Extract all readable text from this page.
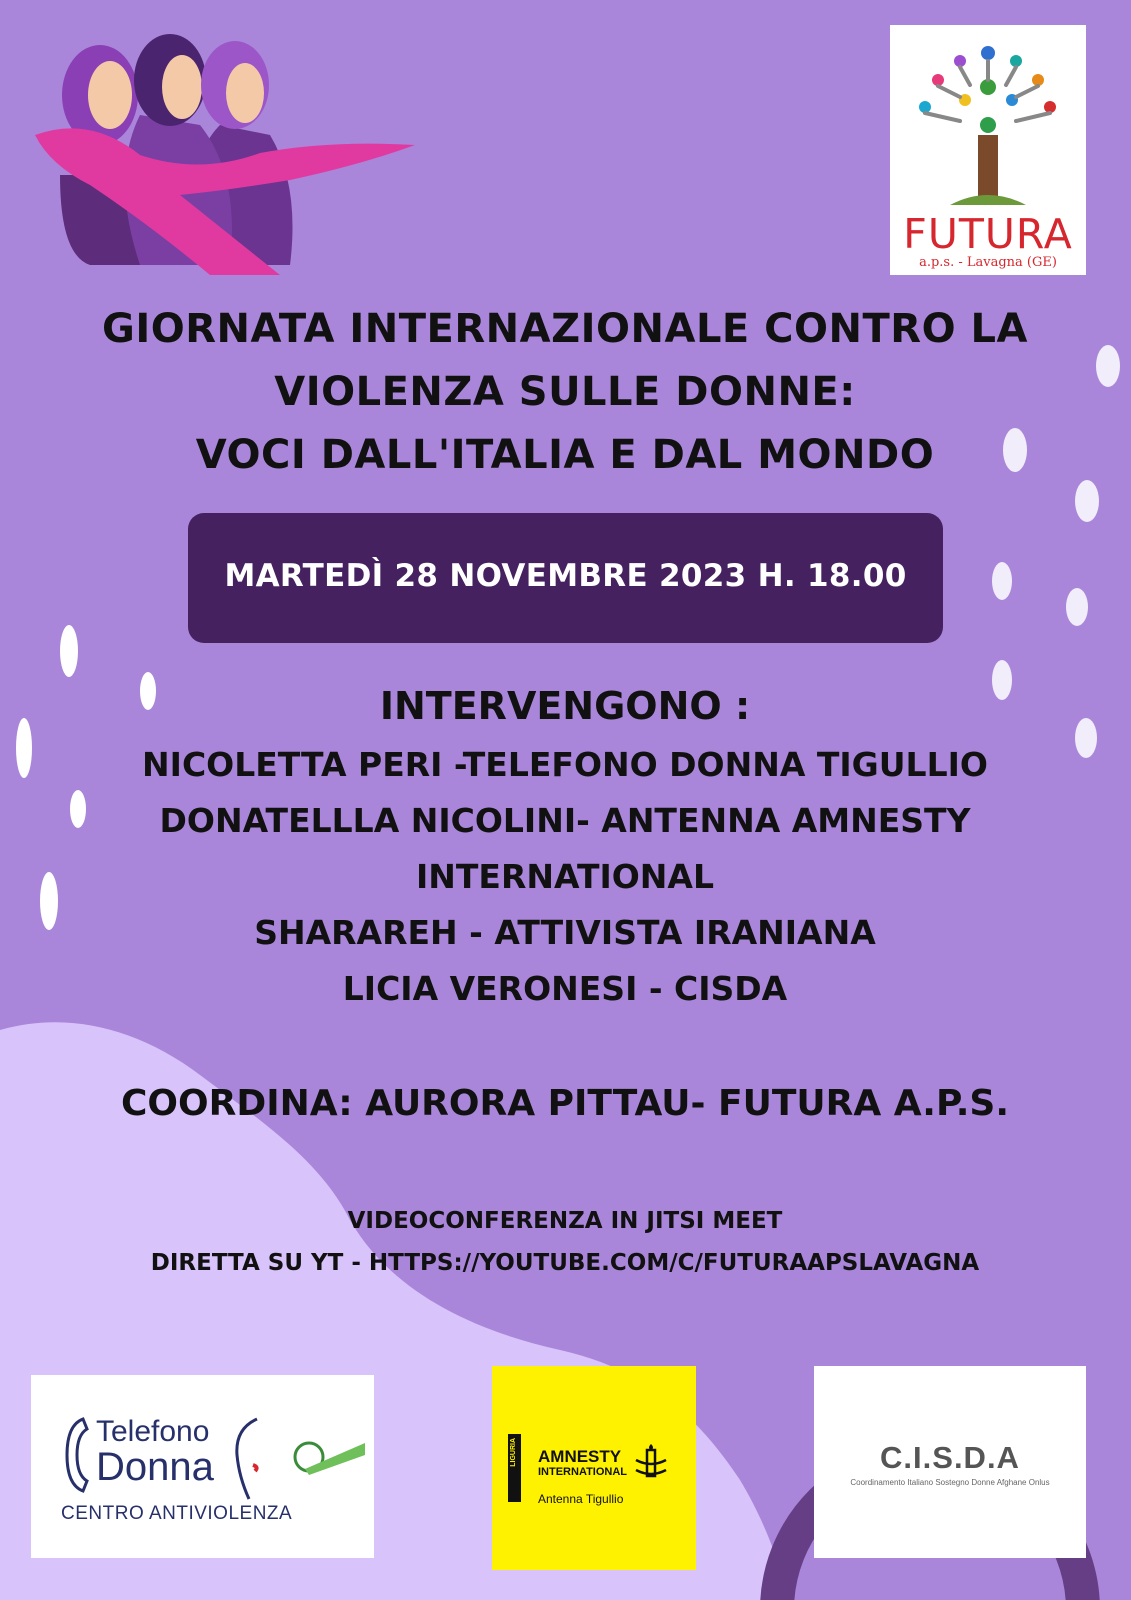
FUTURA
a.p.s. - Lavagna (GE)
GIORNATA INTERNAZIONALE CONTRO LA
VIOLENZA SULLE DONNE:
VOCI DALL'ITALIA E DAL MONDO
MARTEDÌ 28 NOVEMBRE 2023 H. 18.00
INTERVENGONO :
NICOLETTA PERI -TELEFONO DONNA TIGULLIO
DONATELLLA NICOLINI- ANTENNA AMNESTY
INTERNATIONAL
SHARAREH - ATTIVISTA IRANIANA
LICIA VERONESI - CISDA
COORDINA: AURORA PITTAU- FUTURA A.P.S.
VIDEOCONFERENZA IN JITSI MEET
DIRETTA SU YT - HTTPS://YOUTUBE.COM/C/FUTURAAPSLAVAGNA
Telefono
Donna
CENTRO ANTIVIOLENZA
LIGURIA AMNESTY
INTERNATIONAL
Antenna Tigullio
C.I.S.D.A
Coordinamento Italiano Sostegno Donne Afghane Onlus
